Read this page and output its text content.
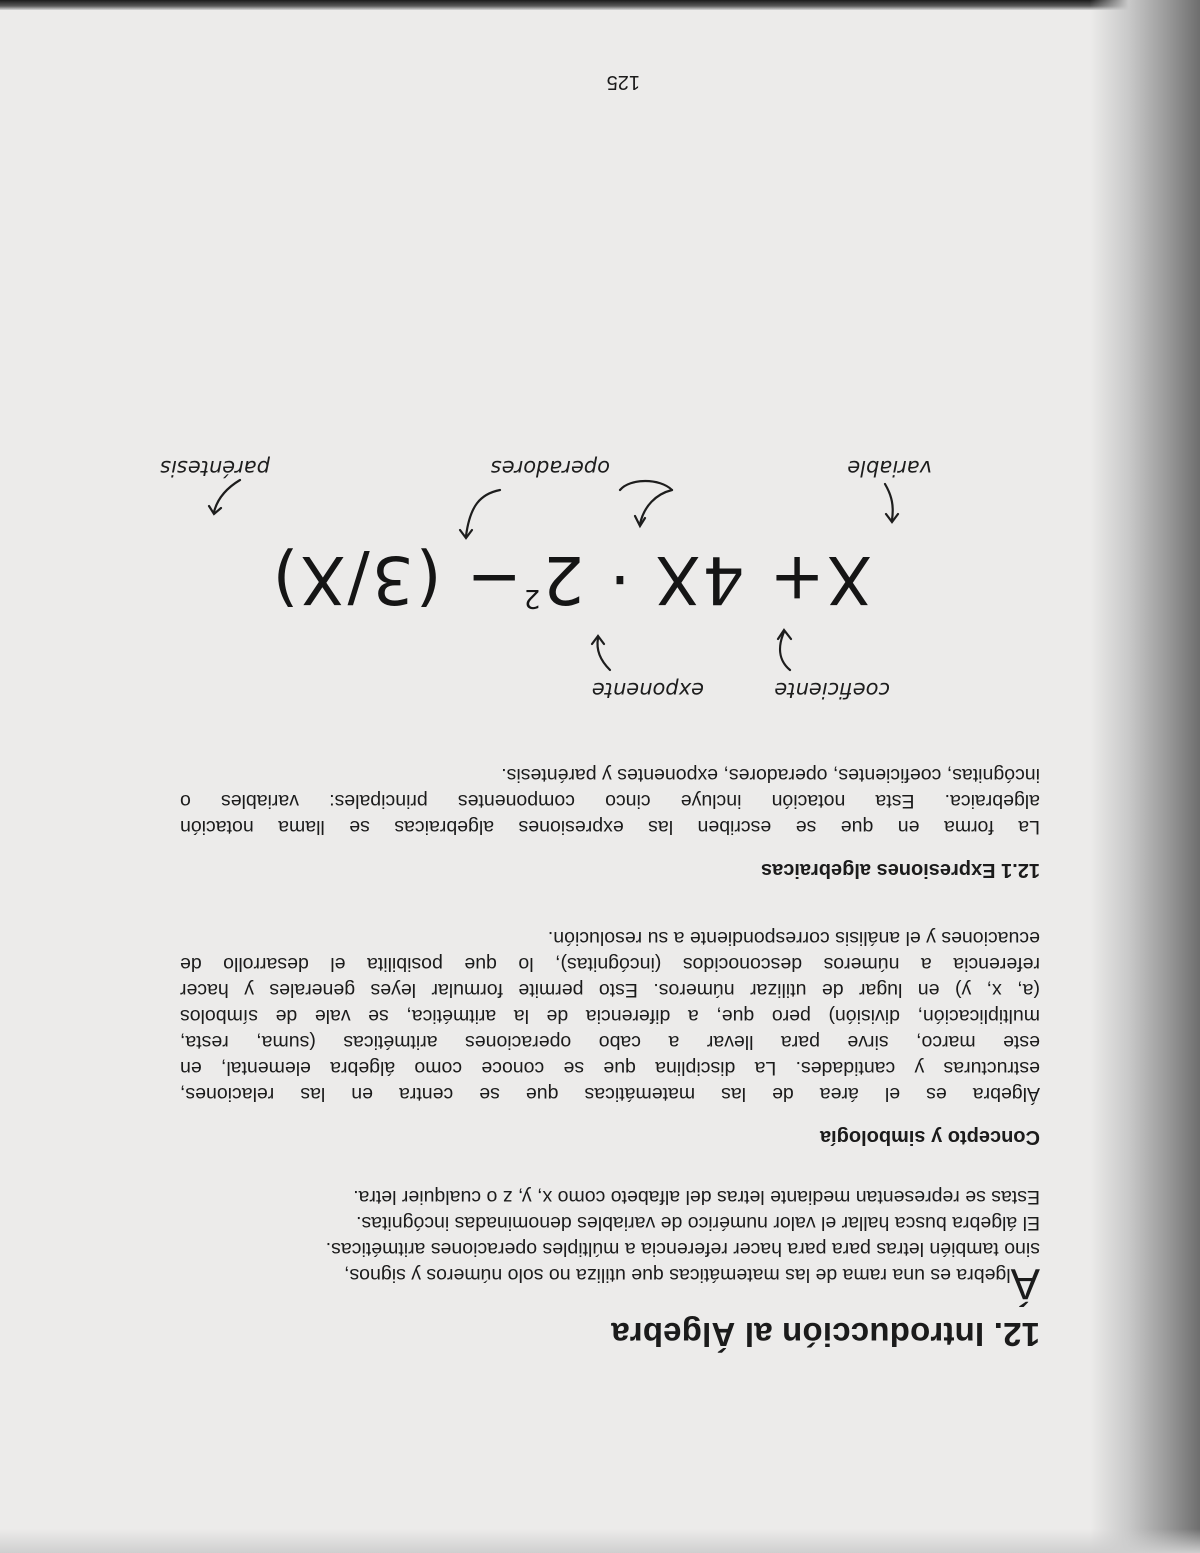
12. Introducción al Álgebra

Álgebra es una rama de las matemáticas que utiliza no solo números y signos,
sino también letras para para hacer referencia a múltiples operaciones aritméticas.
El álgebra busca hallar el valor numérico de variables denominadas incógnitas.
Estas se representan mediante letras del alfabeto como x, y, z o cualquier letra.

Concepto y simbología

Álgebra es el área de las matemáticas que se centra en las relaciones,
estructuras y cantidades. La disciplina que se conoce como álgebra elemental, en
este marco, sirve para llevar a cabo operaciones aritméticas (suma, resta,
multiplicación, división) pero que, a diferencia de la aritmética, se vale de símbolos
(a, x, y) en lugar de utilizar números. Esto permite formular leyes generales y hacer
referencia a números desconocidos (incógnitas), lo que posibilita el desarrollo de
ecuaciones y el análisis correspondiente a su resolución.

12.1 Expresiones algebraicas

La forma en que se escriben las expresiones algebraicas se llama notación
algebraica. Esta notación incluye cinco componentes principales: variables o
incógnitas, coeficientes, operadores, exponentes y paréntesis.

coeficiente
exponente
$X+ 4X \cdot 2^2- (3/X)$
variable
operadores
paréntesis
125
